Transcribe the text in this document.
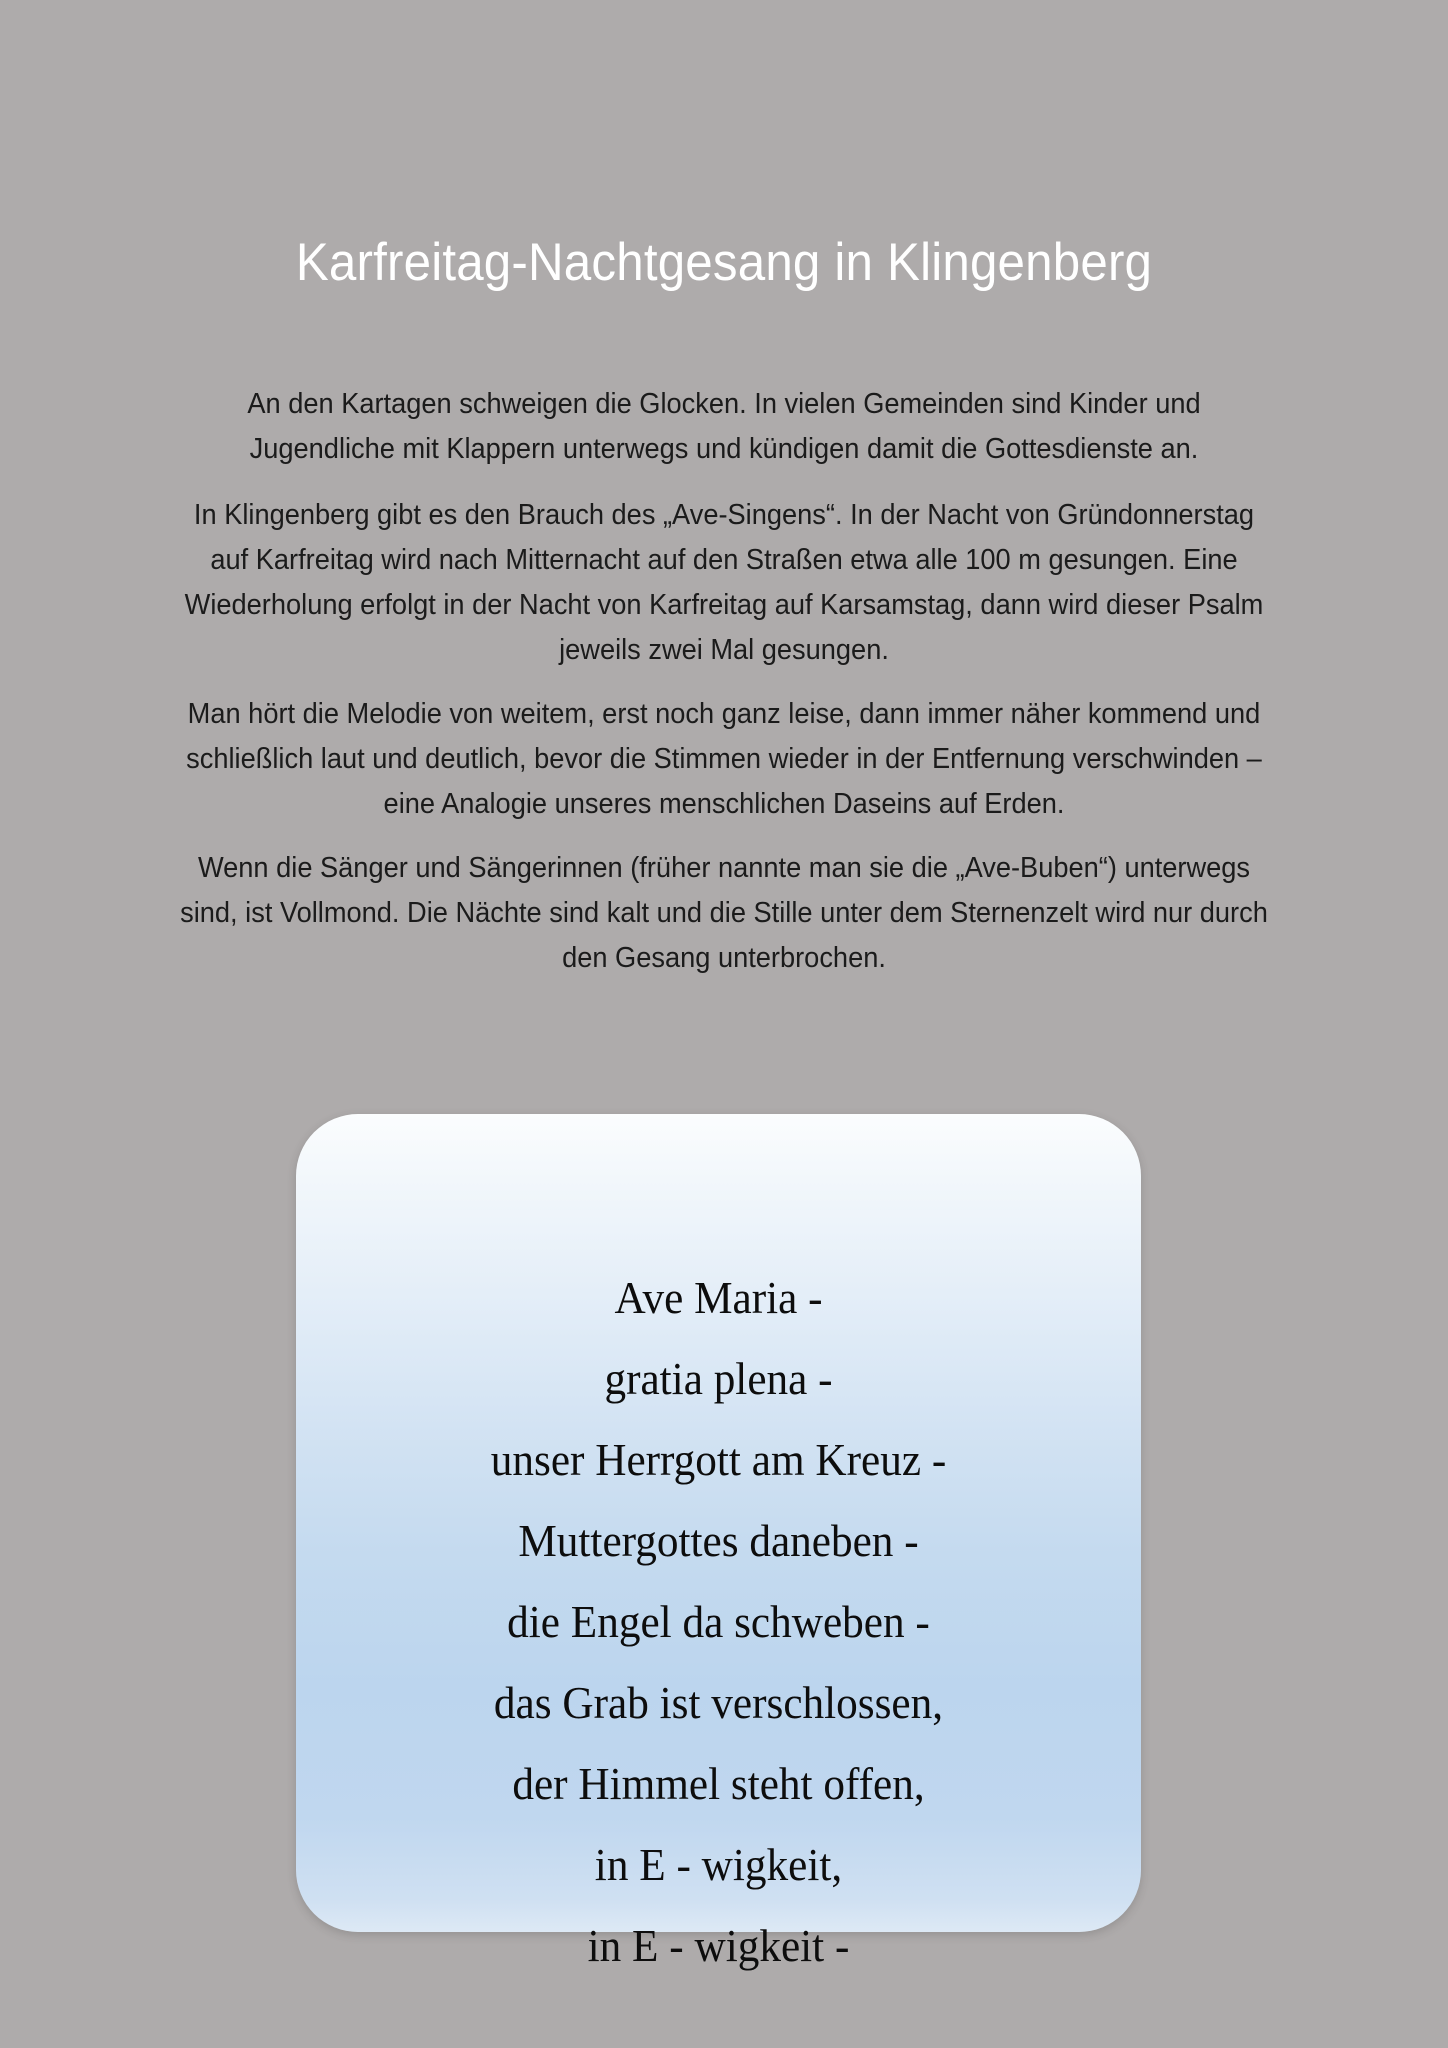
Karfreitag-Nachtgesang in Klingenberg

An den Kartagen schweigen die Glocken. In vielen Gemeinden sind Kinder und Jugendliche mit Klappern unterwegs und kündigen damit die Gottesdienste an.

In Klingenberg gibt es den Brauch des „Ave-Singens“. In der Nacht von Gründonnerstag auf Karfreitag wird nach Mitternacht auf den Straßen etwa alle 100 m gesungen. Eine Wiederholung erfolgt in der Nacht von Karfreitag auf Karsamstag, dann wird dieser Psalm jeweils zwei Mal gesungen.

Man hört die Melodie von weitem, erst noch ganz leise, dann immer näher kommend und schließlich laut und deutlich, bevor die Stimmen wieder in der Entfernung verschwinden – eine Analogie unseres menschlichen Daseins auf Erden.

Wenn die Sänger und Sängerinnen (früher nannte man sie die „Ave-Buben“) unterwegs sind, ist Vollmond. Die Nächte sind kalt und die Stille unter dem Sternenzelt wird nur durch den Gesang unterbrochen.

Ave Maria -
gratia plena -
unser Herrgott am Kreuz -
Muttergottes daneben -
die Engel da schweben -
das Grab ist verschlossen,
der Himmel steht offen,
in E - wigkeit,
in E - wigkeit -
